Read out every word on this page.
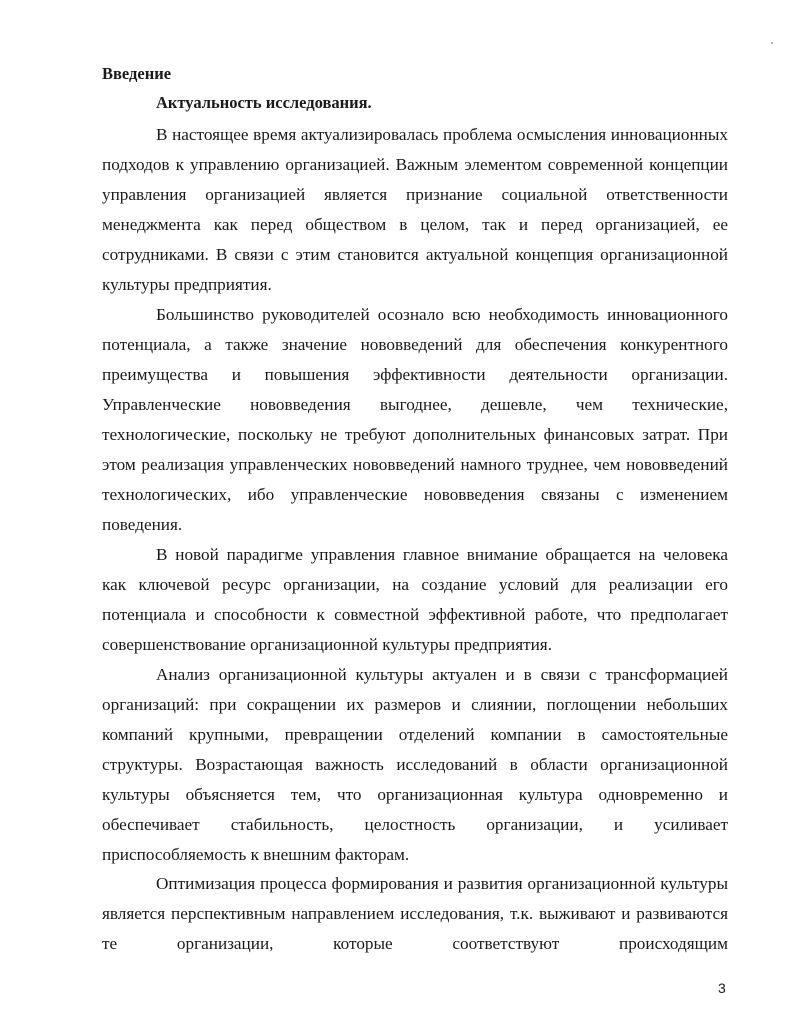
Введение
Актуальность исследования.

В настоящее время актуализировалась проблема осмысления инновационных подходов к управлению организацией. Важным элементом современной концепции управления организацией является признание социальной ответственности менеджмента как перед обществом в целом, так и перед организацией, ее сотрудниками. В связи с этим становится актуальной концепция организационной культуры предприятия.

Большинство руководителей осознало всю необходимость инновационного потенциала, а также значение нововведений для обеспечения конкурентного преимущества и повышения эффективности деятельности организации. Управленческие нововведения выгоднее, дешевле, чем технические, технологические, поскольку не требуют дополнительных финансовых затрат. При этом реализация управленческих нововведений намного труднее, чем нововведений технологических, ибо управленческие нововведения связаны с изменением поведения.

В новой парадигме управления главное внимание обращается на человека как ключевой ресурс организации, на создание условий для реализации его потенциала и способности к совместной эффективной работе, что предполагает совершенствование организационной культуры предприятия.

Анализ организационной культуры актуален и в связи с трансформацией организаций: при сокращении их размеров и слиянии, поглощении небольших компаний крупными, превращении отделений компании в самостоятельные структуры. Возрастающая важность исследований в области организационной культуры объясняется тем, что организационная культура одновременно и обеспечивает стабильность, целостность организации, и усиливает приспособляемость к внешним факторам.

Оптимизация процесса формирования и развития организационной культуры является перспективным направлением исследования, т.к. выживают и развиваются те организации, которые соответствуют происходящим

3
